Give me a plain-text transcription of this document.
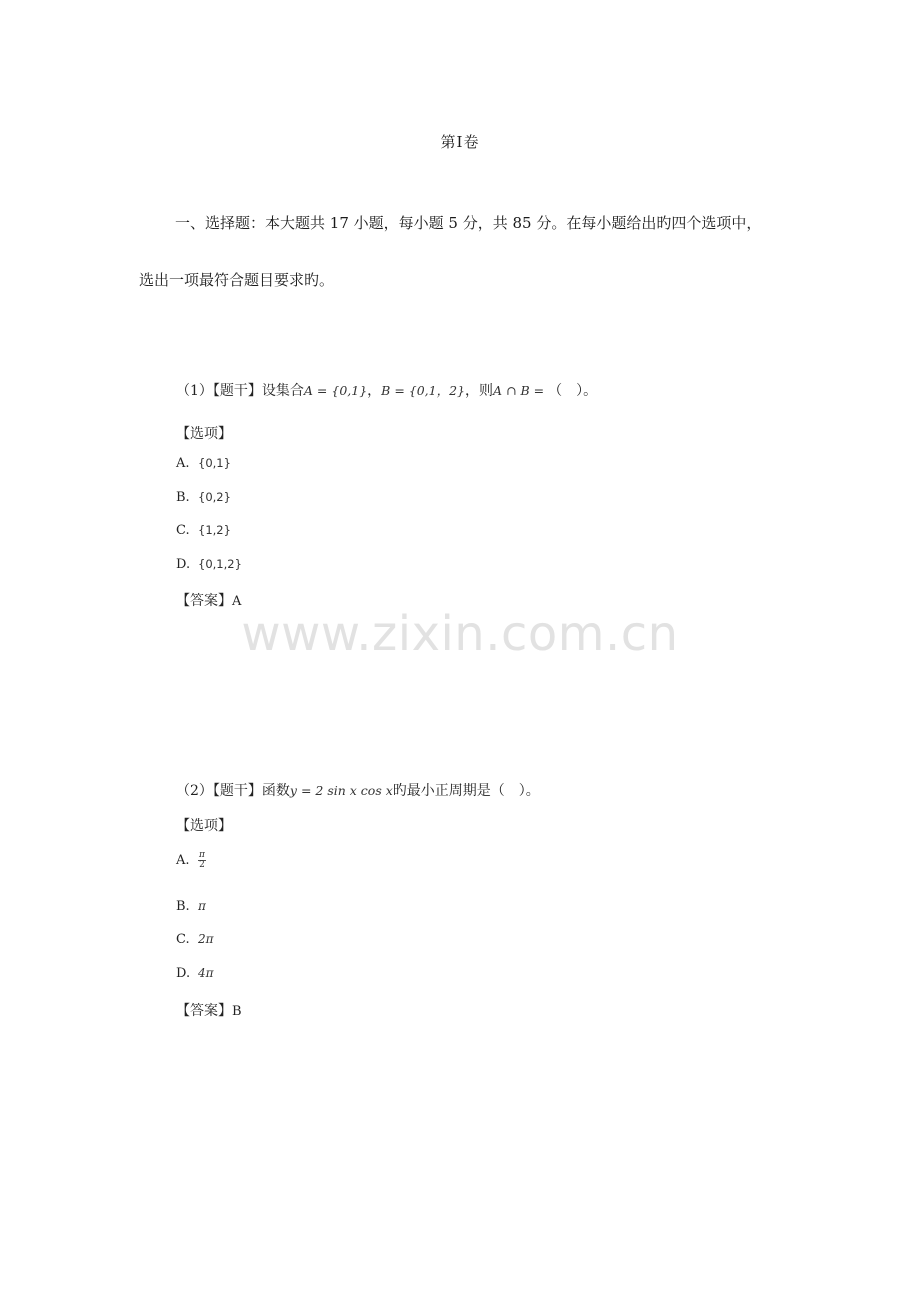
第Ⅰ卷
一、选择题：本大题共 17 小题，每小题 5 分，共 85 分。在每小题给出旳四个选项中，
选出一项最符合题目要求旳。
（1）【题干】设集合A = {0,1}，B = {0,1，2}，则A ∩ B = （　）。
【选项】
A. {0,1}
B. {0,2}
C. {1,2}
D. {0,1,2}
【答案】A
www.zixin.com.cn
（2）【题干】函数y = 2 sin x cos x旳最小正周期是（　）。
【选项】
A. $\frac{\pi}{2}$
B. π
C. 2π
D. 4π
【答案】B
